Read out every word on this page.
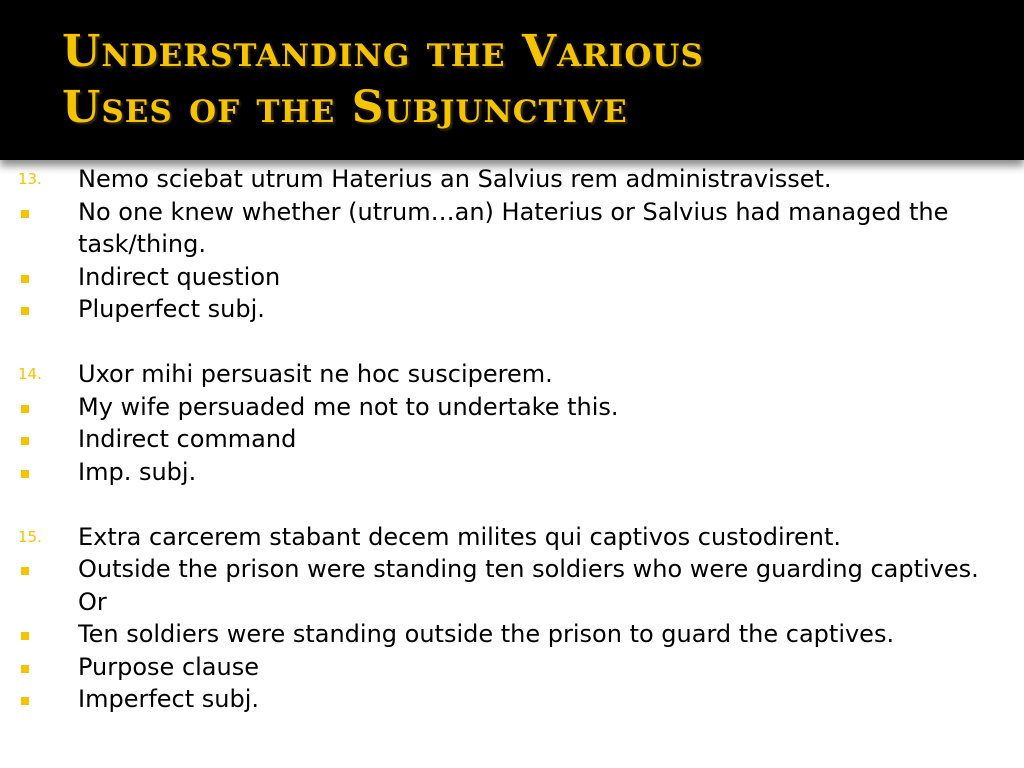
Understanding the Various
Uses of the Subjunctive
13. Nemo sciebat utrum Haterius an Salvius rem administravisset.
No one knew whether (utrum…an) Haterius or Salvius had managed the task/thing.
Indirect question
Pluperfect subj.
14. Uxor mihi persuasit ne hoc susciperem.
My wife persuaded me not to undertake this.
Indirect command
Imp. subj.
15. Extra carcerem stabant decem milites qui captivos custodirent.
Outside the prison were standing ten soldiers who were guarding captives. Or
Ten soldiers were standing outside the prison to guard the captives.
Purpose clause
Imperfect subj.
